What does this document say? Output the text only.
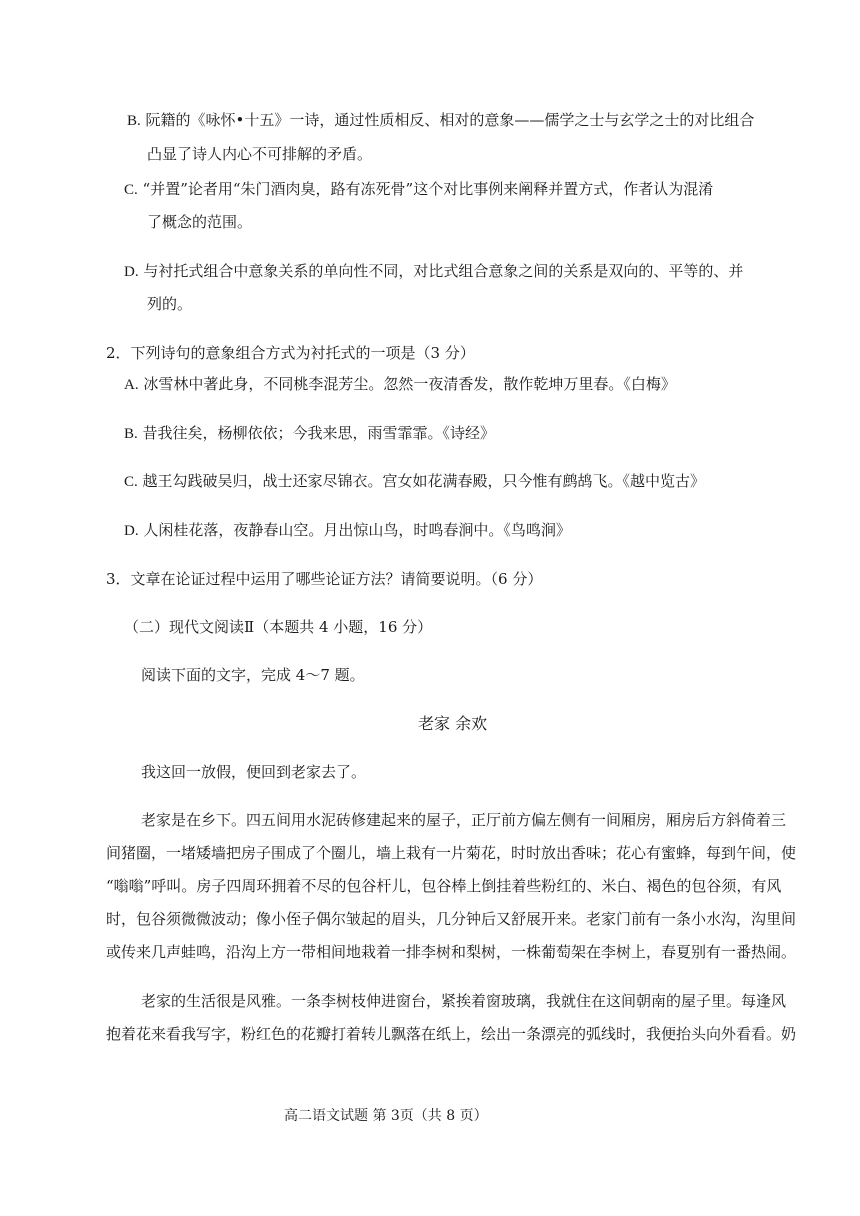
B. 阮籍的《咏怀•十五》一诗，通过性质相反、相对的意象——儒学之士与玄学之士的对比组合
凸显了诗人内心不可排解的矛盾。
C. “并置”论者用“朱门酒肉臭，路有冻死骨”这个对比事例来阐释并置方式，作者认为混淆
了概念的范围。
D. 与衬托式组合中意象关系的单向性不同，对比式组合意象之间的关系是双向的、平等的、并
列的。
2．下列诗句的意象组合方式为衬托式的一项是（3 分）
A. 冰雪林中著此身，不同桃李混芳尘。忽然一夜清香发，散作乾坤万里春。《白梅》
B. 昔我往矣，杨柳依依；今我来思，雨雪霏霏。《诗经》
C. 越王勾践破吴归，战士还家尽锦衣。宫女如花满春殿，只今惟有鹧鸪飞。《越中览古》
D. 人闲桂花落，夜静春山空。月出惊山鸟，时鸣春涧中。《鸟鸣涧》
3．文章在论证过程中运用了哪些论证方法？请简要说明。（6 分）
（二）现代文阅读Ⅱ（本题共 4 小题，16 分）
阅读下面的文字，完成 4～7 题。
老家 余欢
我这回一放假，便回到老家去了。
老家是在乡下。四五间用水泥砖修建起来的屋子，正厅前方偏左侧有一间厢房，厢房后方斜倚着三
间猪圈，一堵矮墙把房子围成了个圈儿，墙上栽有一片菊花，时时放出香味；花心有蜜蜂，每到午间，使
“嗡嗡”呼叫。房子四周环拥着不尽的包谷杆儿，包谷棒上倒挂着些粉红的、米白、褐色的包谷须，有风
时，包谷须微微波动；像小侄子偶尔皱起的眉头，几分钟后又舒展开来。老家门前有一条小水沟，沟里间
或传来几声蛙鸣，沿沟上方一带相间地栽着一排李树和梨树，一株葡萄架在李树上，春夏别有一番热闹。
老家的生活很是风雅。一条李树枝伸进窗台，紧挨着窗玻璃，我就住在这间朝南的屋子里。每逢风
抱着花来看我写字，粉红色的花瓣打着转儿飘落在纸上，绘出一条漂亮的弧线时，我便抬头向外看看。奶
高二语文试题 第 3页（共 8 页）
